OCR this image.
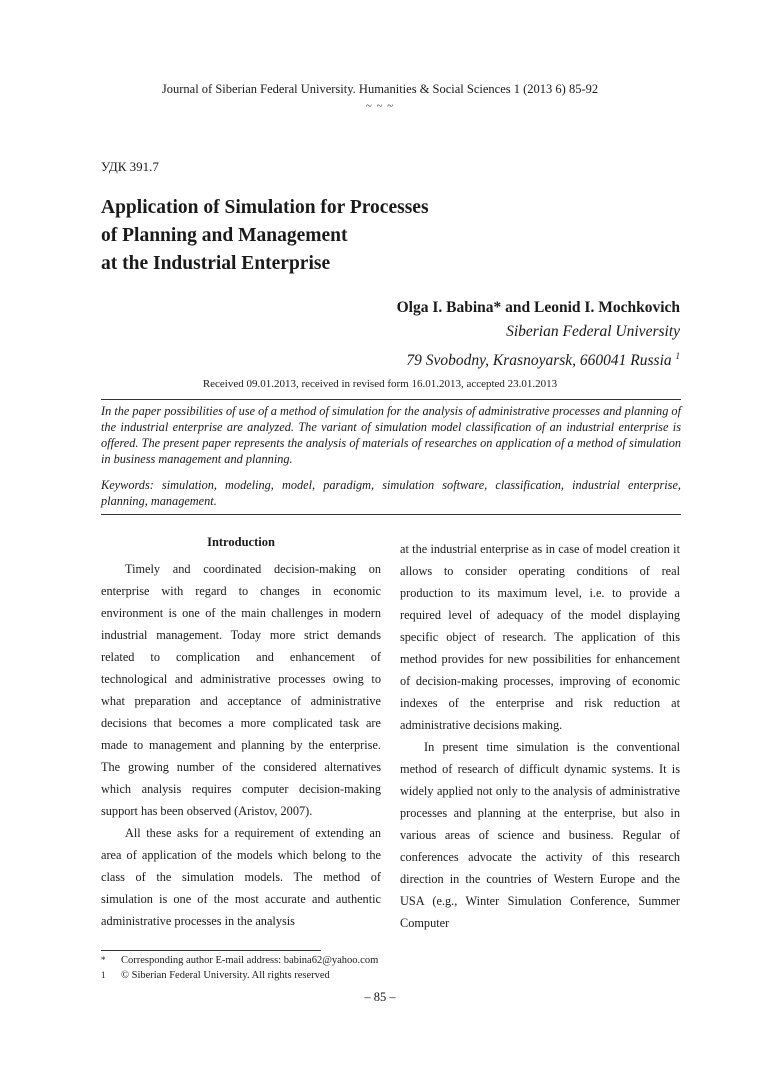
Journal of Siberian Federal University. Humanities & Social Sciences 1 (2013 6) 85-92
~ ~ ~
УДК 391.7
Application of Simulation for Processes
of Planning and Management
at the Industrial Enterprise
Olga I. Babina* and Leonid I. Mochkovich
Siberian Federal University
79 Svobodny, Krasnoyarsk, 660041 Russia $^1$
Received 09.01.2013, received in revised form 16.01.2013, accepted 23.01.2013
In the paper possibilities of use of a method of simulation for the analysis of administrative processes and planning of the industrial enterprise are analyzed. The variant of simulation model classification of an industrial enterprise is offered. The present paper represents the analysis of materials of researches on application of a method of simulation in business management and planning.
Keywords: simulation, modeling, model, paradigm, simulation software, classification, industrial enterprise, planning, management.
Introduction

Timely and coordinated decision-making on enterprise with regard to changes in economic environment is one of the main challenges in modern industrial management. Today more strict demands related to complication and enhancement of technological and administrative processes owing to what preparation and acceptance of administrative decisions that becomes a more complicated task are made to management and planning by the enterprise. The growing number of the considered alternatives which analysis requires computer decision-making support has been observed (Aristov, 2007).

All these asks for a requirement of extending an area of application of the models which belong to the class of the simulation models. The method of simulation is one of the most accurate and authentic administrative processes in the analysis

at the industrial enterprise as in case of model creation it allows to consider operating conditions of real production to its maximum level, i.e. to provide a required level of adequacy of the model displaying specific object of research. The application of this method provides for new possibilities for enhancement of decision-making processes, improving of economic indexes of the enterprise and risk reduction at administrative decisions making.

In present time simulation is the conventional method of research of difficult dynamic systems. It is widely applied not only to the analysis of administrative processes and planning at the enterprise, but also in various areas of science and business. Regular of conferences advocate the activity of this research direction in the countries of Western Europe and the USA (e.g., Winter Simulation Conference, Summer Computer

*	Corresponding author E-mail address: babina62@yahoo.com
1	© Siberian Federal University. All rights reserved
– 85 –
